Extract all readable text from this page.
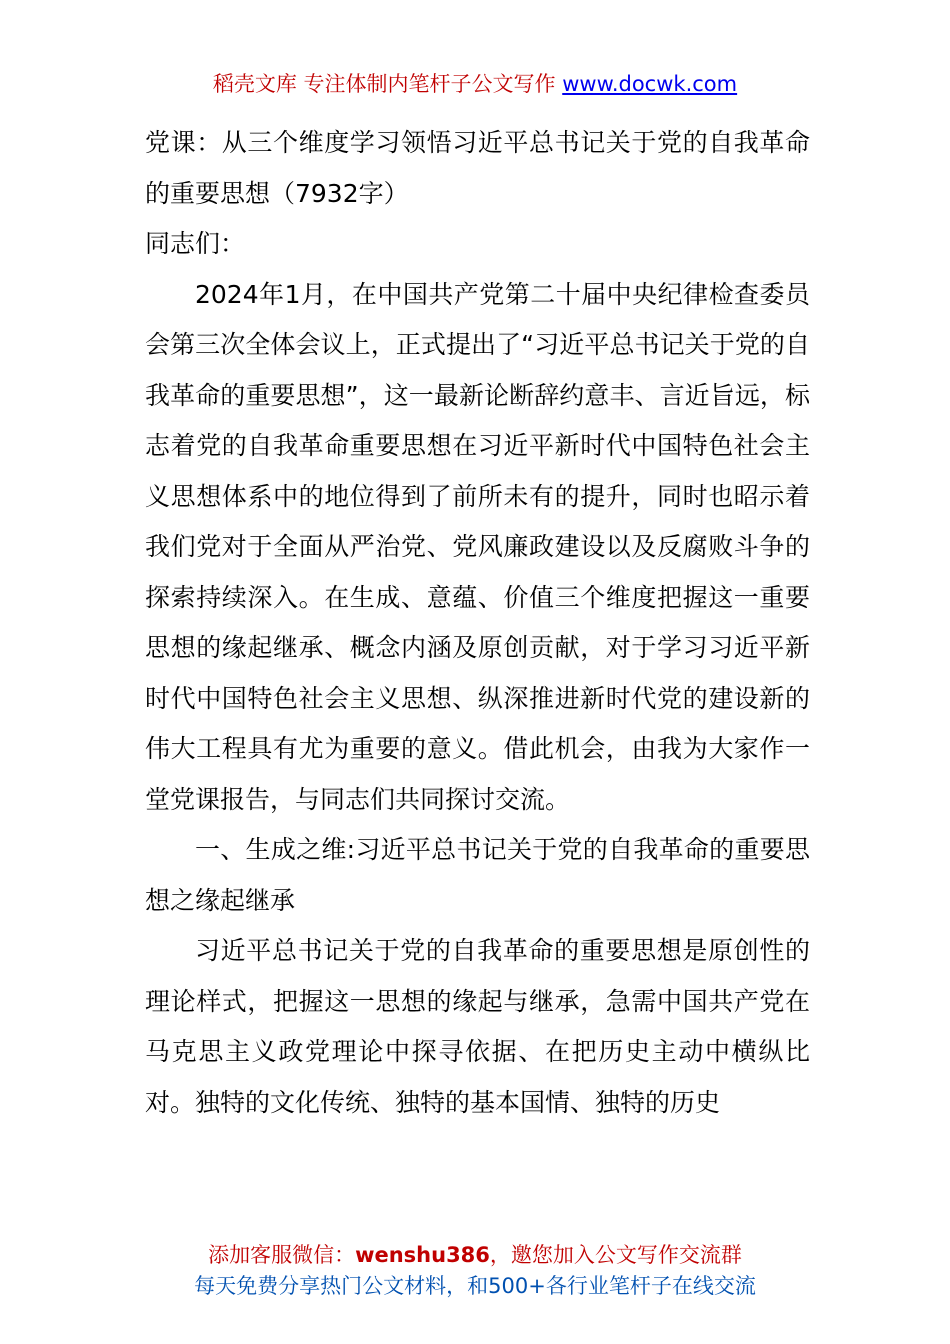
稻壳文库 专注体制内笔杆子公文写作 www.docwk.com

党课：从三个维度学习领悟习近平总书记关于党的自我革命的重要思想（7932字）

同志们：

2024年1月，在中国共产党第二十届中央纪律检查委员会第三次全体会议上，正式提出了“习近平总书记关于党的自我革命的重要思想”，这一最新论断辞约意丰、言近旨远，标志着党的自我革命重要思想在习近平新时代中国特色社会主义思想体系中的地位得到了前所未有的提升，同时也昭示着我们党对于全面从严治党、党风廉政建设以及反腐败斗争的探索持续深入。在生成、意蕴、价值三个维度把握这一重要思想的缘起继承、概念内涵及原创贡献，对于学习习近平新时代中国特色社会主义思想、纵深推进新时代党的建设新的伟大工程具有尤为重要的意义。借此机会，由我为大家作一堂党课报告，与同志们共同探讨交流。

一、生成之维:习近平总书记关于党的自我革命的重要思想之缘起继承

习近平总书记关于党的自我革命的重要思想是原创性的理论样式，把握这一思想的缘起与继承，急需中国共产党在马克思主义政党理论中探寻依据、在把历史主动中横纵比对。独特的文化传统、独特的基本国情、独特的历史

添加客服微信：wenshu386，邀您加入公文写作交流群
每天免费分享热门公文材料，和500+各行业笔杆子在线交流
